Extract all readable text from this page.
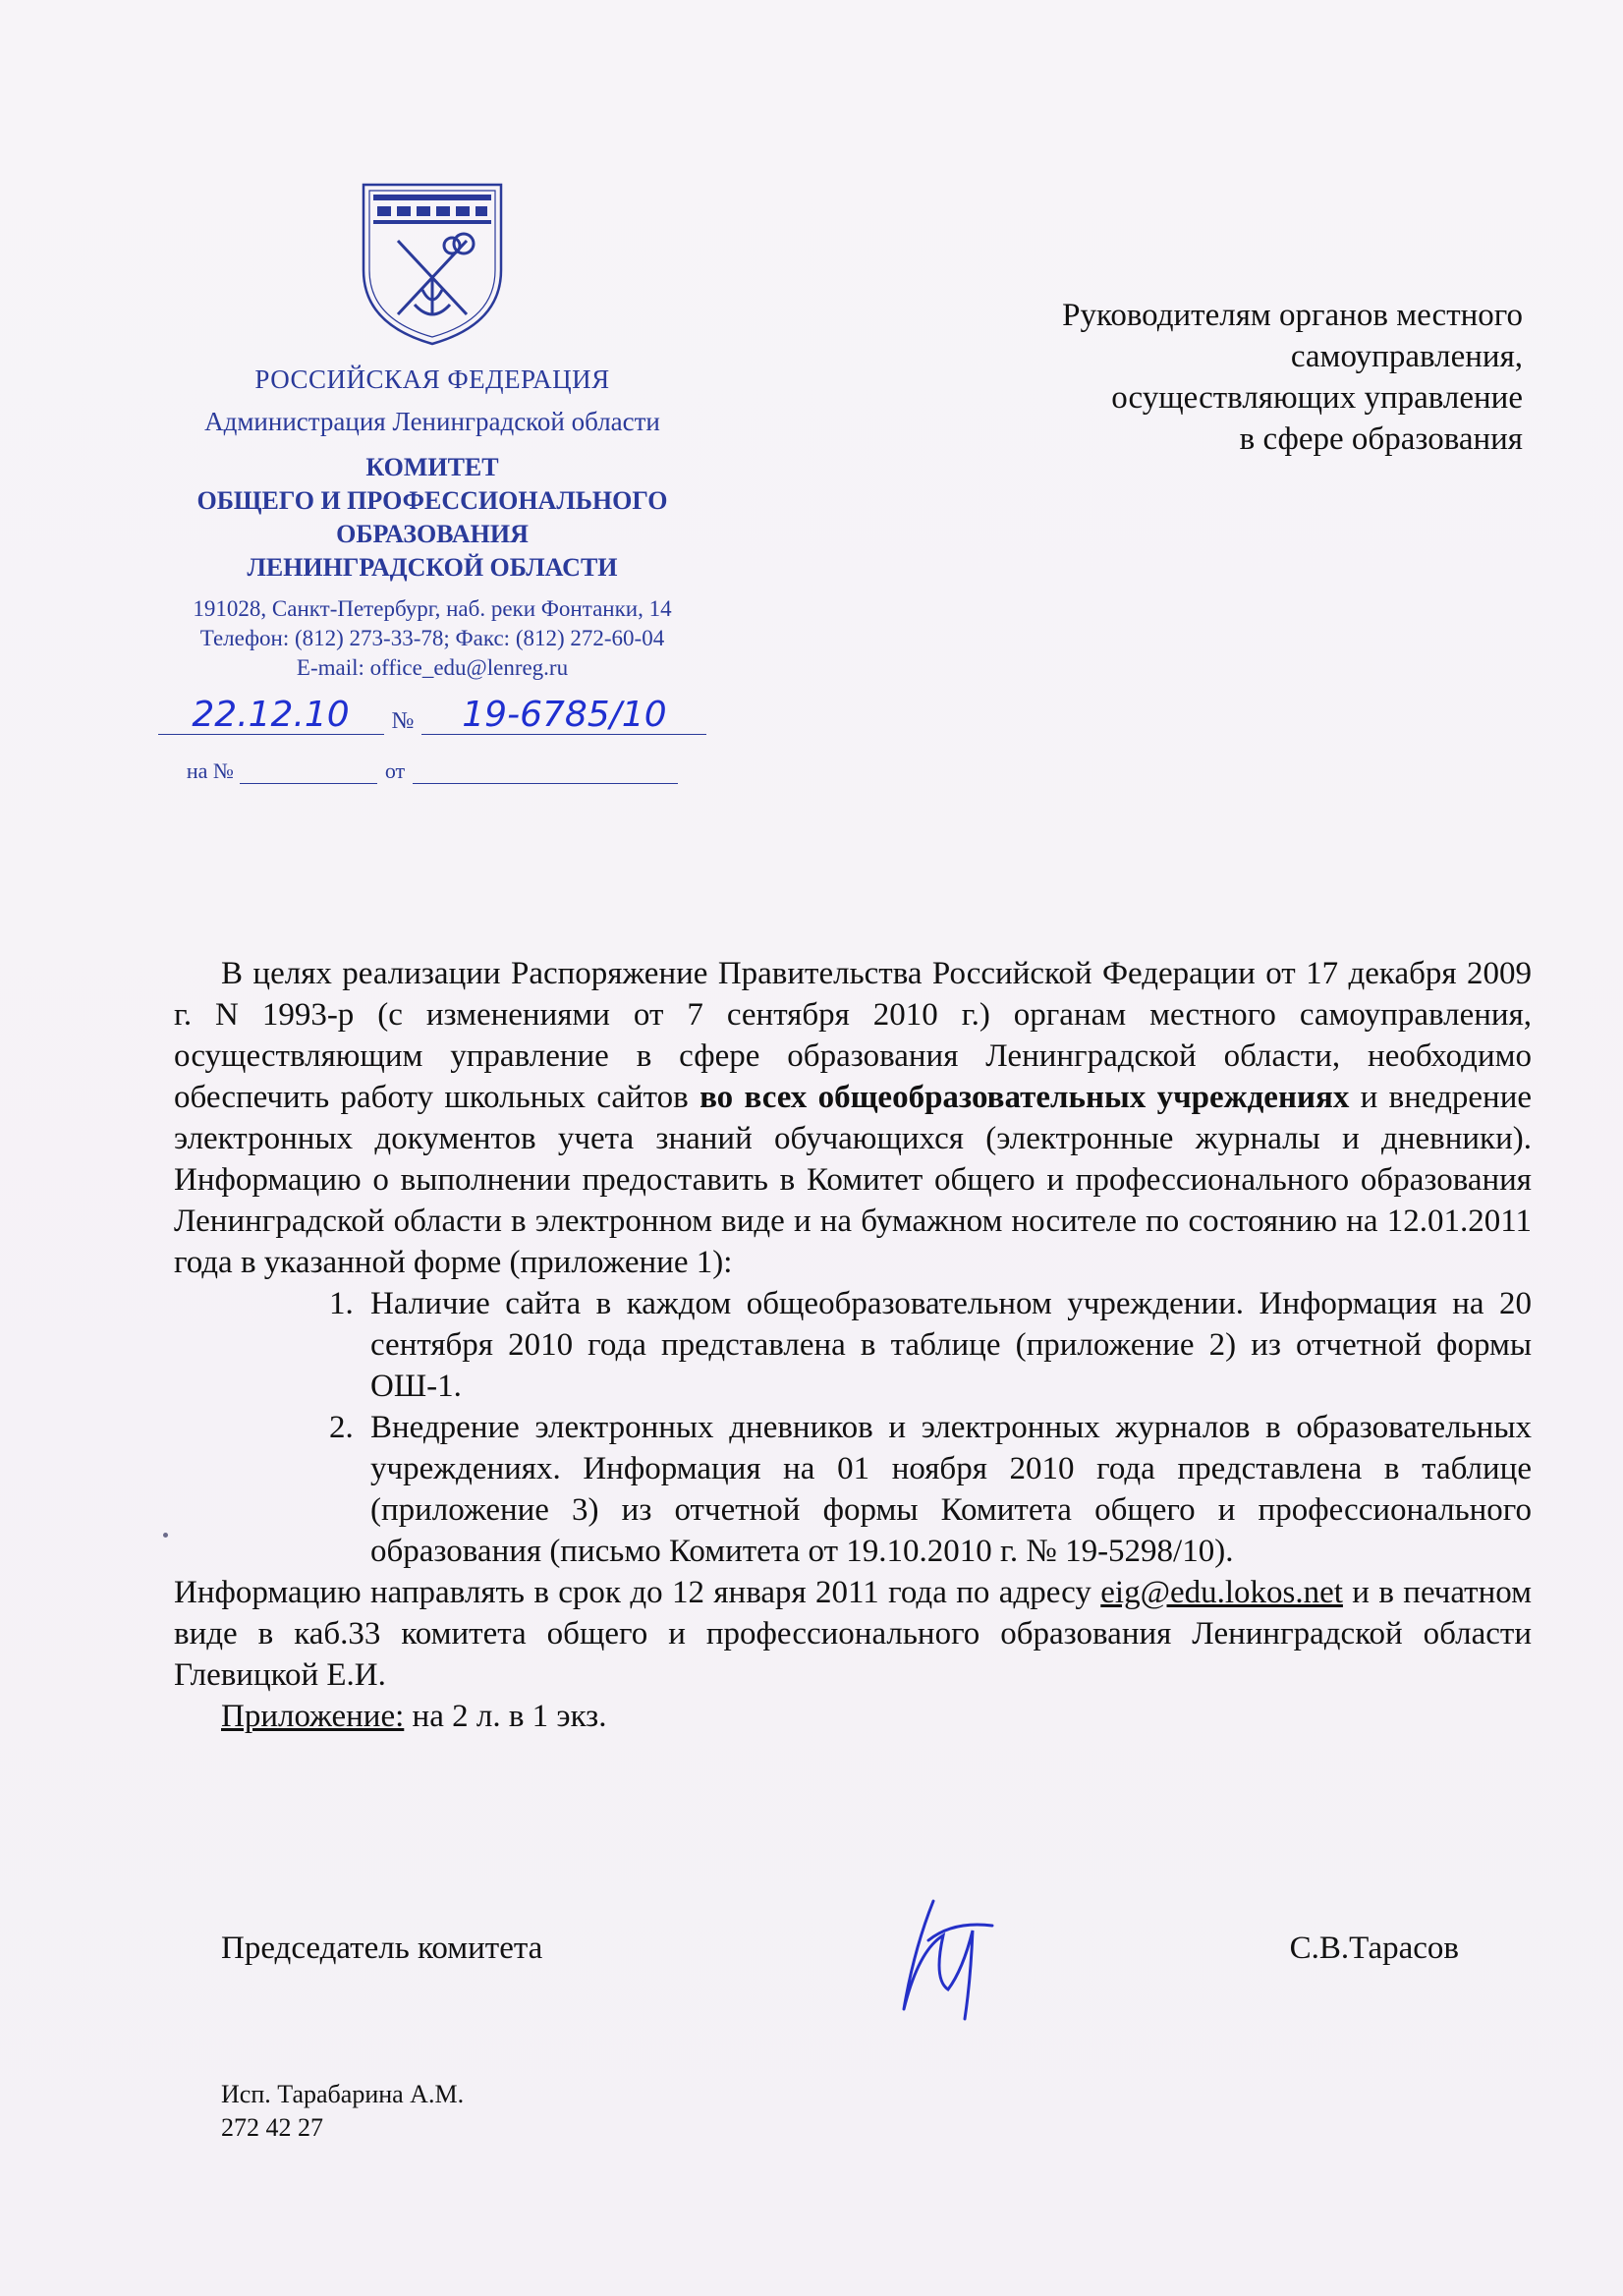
РОССИЙСКАЯ ФЕДЕРАЦИЯ
Администрация Ленинградской области
КОМИТЕТ
ОБЩЕГО И ПРОФЕССИОНАЛЬНОГО
ОБРАЗОВАНИЯ
ЛЕНИНГРАДСКОЙ ОБЛАСТИ
191028, Санкт-Петербург, наб. реки Фонтанки, 14
Телефон: (812) 273-33-78; Факс: (812) 272-60-04
E-mail: office_edu@lenreg.ru
22.12.10	№	19-6785/10
на №	от
Руководителям органов местного
самоуправления,
осуществляющих управление
в сфере образования

В целях реализации Распоряжение Правительства Российской Федерации от 17 декабря 2009 г. N 1993-р (с изменениями от 7 сентября 2010 г.) органам местного самоуправления, осуществляющим управление в сфере образования Ленинградской области, необходимо обеспечить работу школьных сайтов во всех общеобразовательных учреждениях и внедрение электронных документов учета знаний обучающихся (электронные журналы и дневники). Информацию о выполнении предоставить в Комитет общего и профессионального образования Ленинградской области в электронном виде и на бумажном носителе по состоянию на 12.01.2011 года в указанной форме (приложение 1):

1. Наличие сайта в каждом общеобразовательном учреждении. Информация на 20 сентября 2010 года представлена в таблице (приложение 2) из отчетной формы ОШ-1.
2. Внедрение электронных дневников и электронных журналов в образовательных учреждениях. Информация на 01 ноября 2010 года представлена в таблице (приложение 3) из отчетной формы Комитета общего и профессионального образования (письмо Комитета от 19.10.2010 г. № 19-5298/10).

Информацию направлять в срок до 12 января 2011 года по адресу eig@edu.lokos.net и в печатном виде в каб.33 комитета общего и профессионального образования Ленинградской области Глевицкой Е.И.

Приложение: на 2 л. в 1 экз.

Председатель комитета	С.В.Тарасов
Исп. Тарабарина А.М.
272 42 27
